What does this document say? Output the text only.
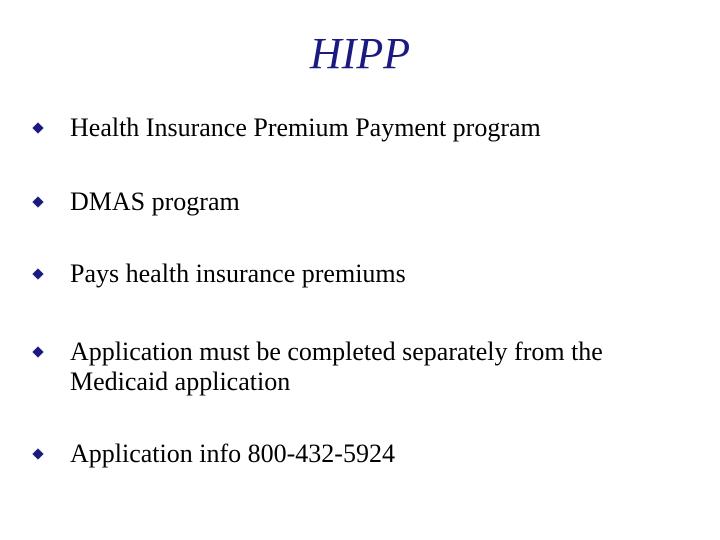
HIPP
Health Insurance Premium Payment program
DMAS program
Pays health insurance premiums
Application must be completed separately from the Medicaid application
Application info 800-432-5924
